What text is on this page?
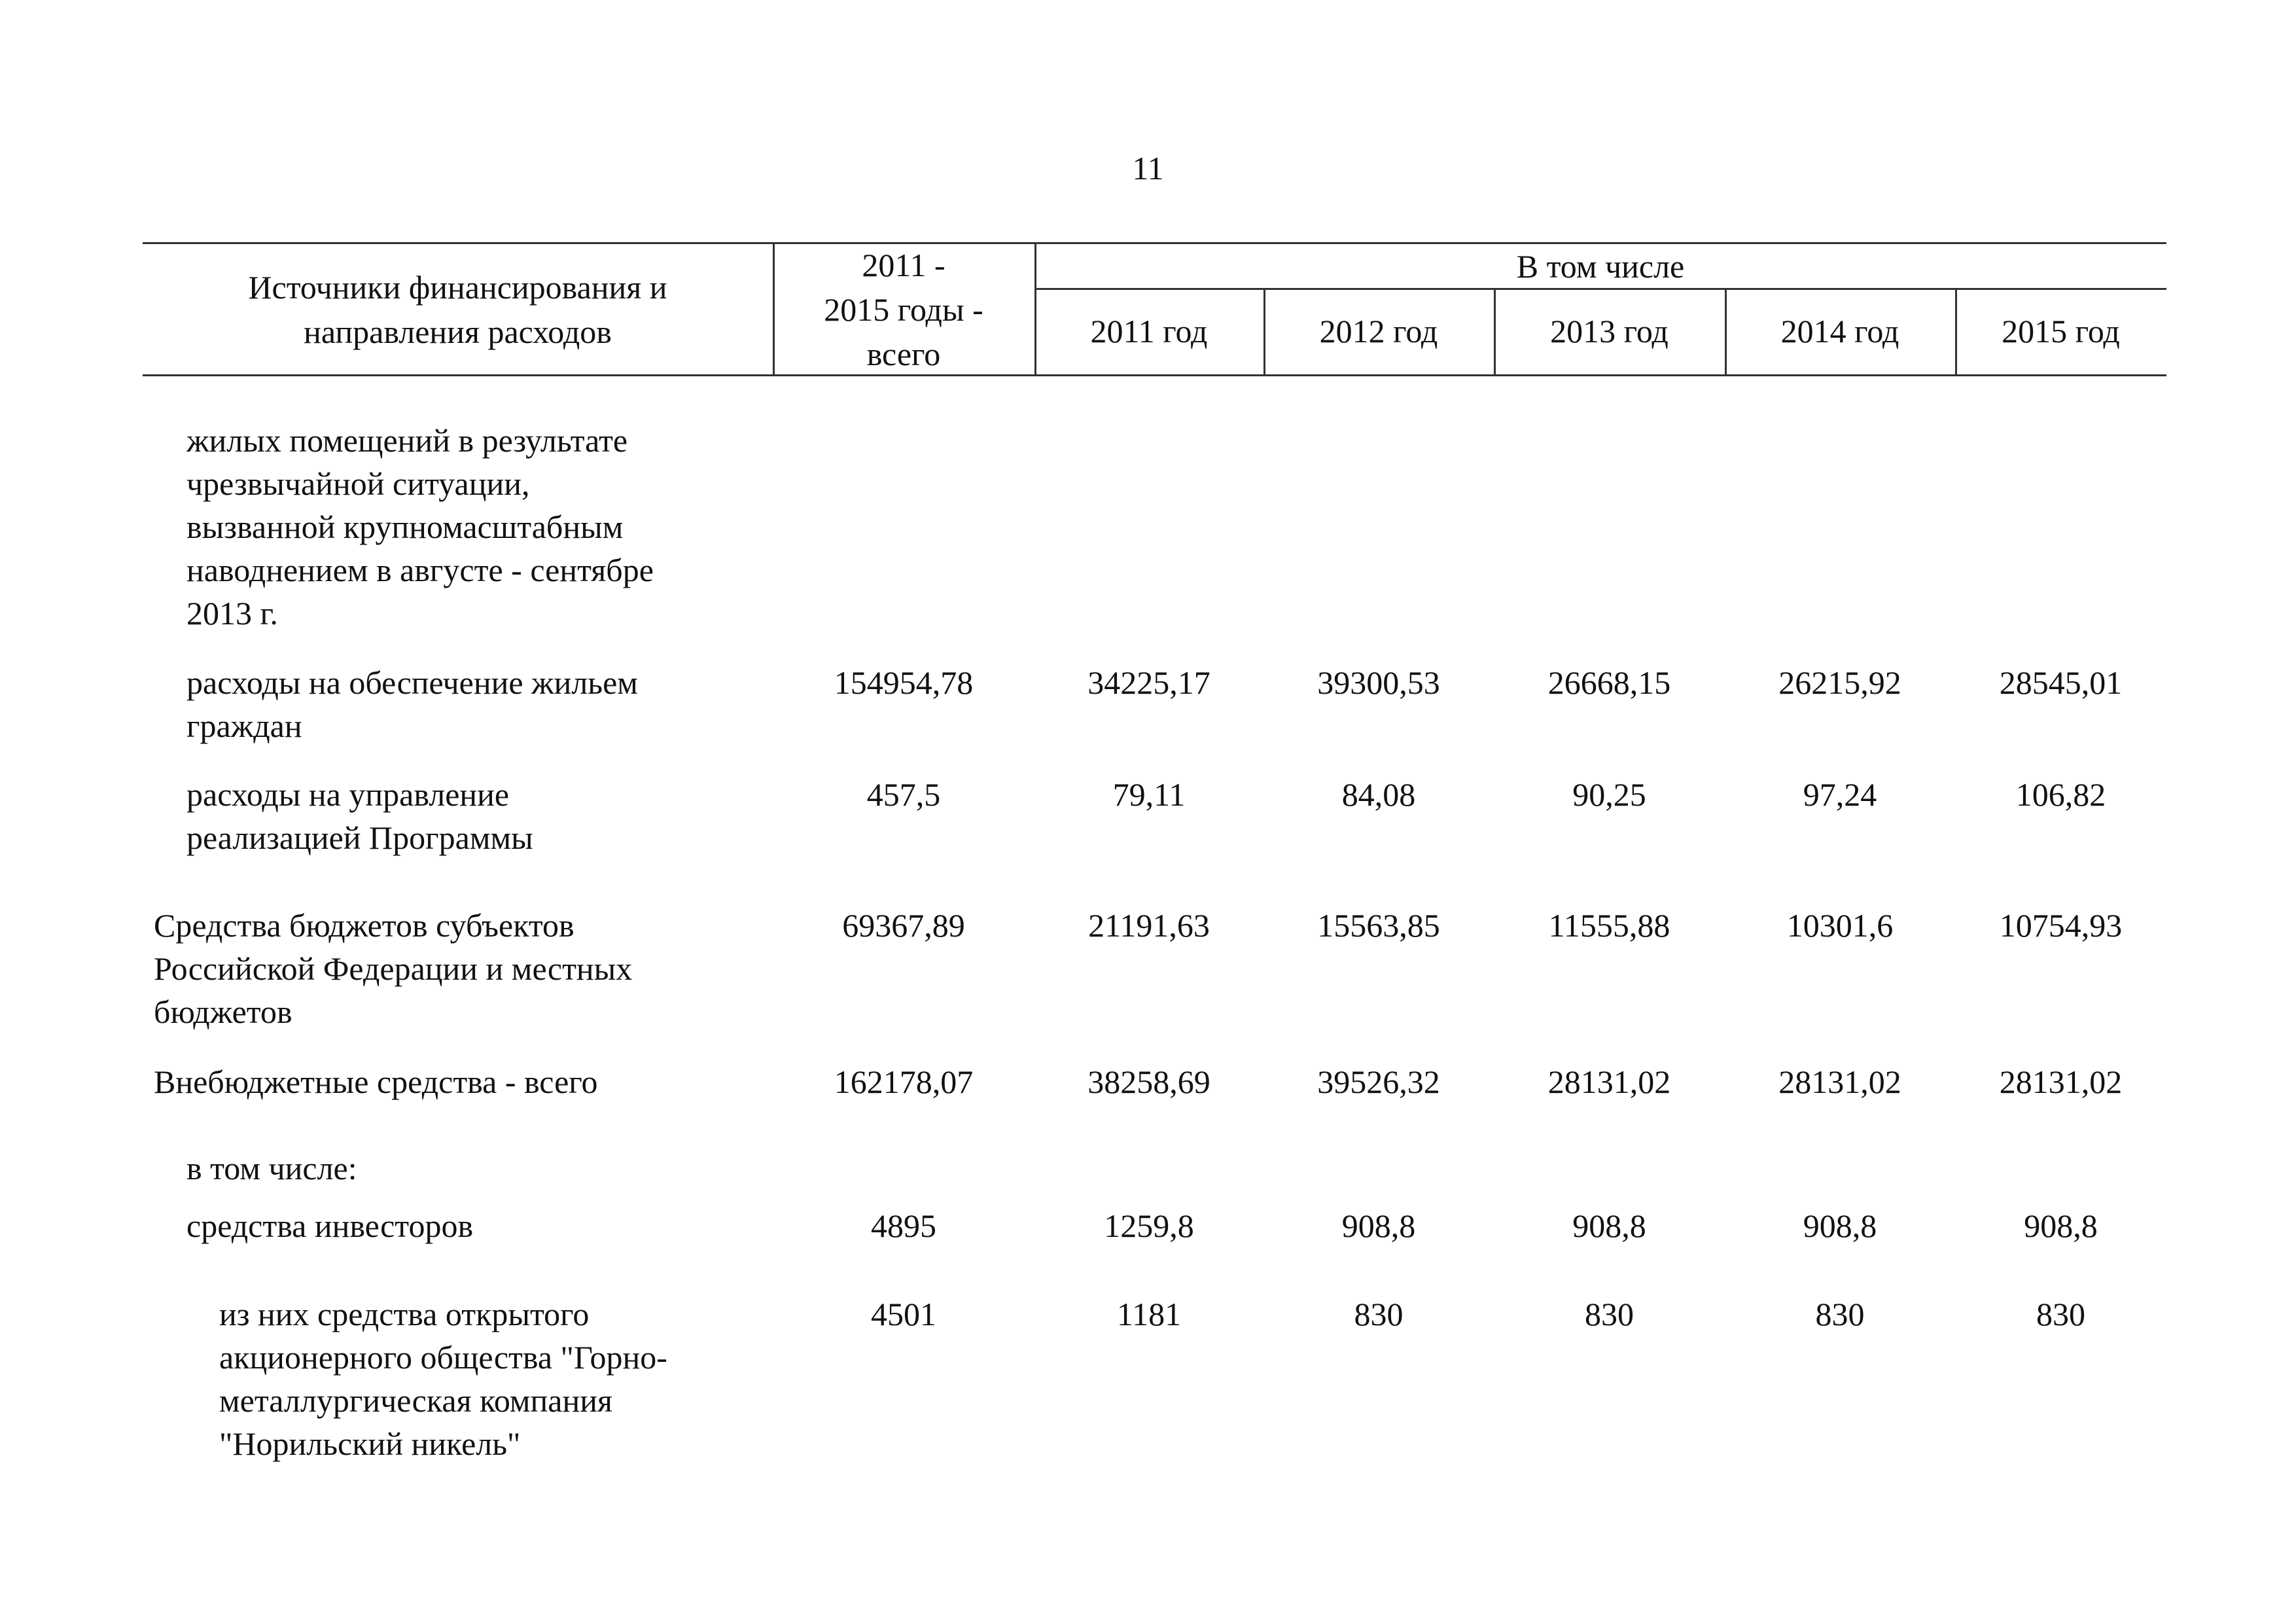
11
Источники финансирования и
направления расходов
2011 -
2015 годы -
всего
В том числе
2011 год	2012 год	2013 год	2014 год	2015 год
жилых помещений в результате
чрезвычайной ситуации,
вызванной крупномасштабным
наводнением в августе - сентябре
2013 г.
расходы на обеспечение жильем
граждан
154954,78	34225,17	39300,53	26668,15	26215,92	28545,01
расходы на управление
реализацией Программы
457,5	79,11	84,08	90,25	97,24	106,82
Средства бюджетов субъектов
Российской Федерации и местных
бюджетов
69367,89	21191,63	15563,85	11555,88	10301,6	10754,93
Внебюджетные средства - всего	162178,07	38258,69	39526,32	28131,02	28131,02	28131,02
в том числе:
средства инвесторов	4895	1259,8	908,8	908,8	908,8	908,8
из них средства открытого
акционерного общества "Горно-
металлургическая компания
"Норильский никель"
4501	1181	830	830	830	830
